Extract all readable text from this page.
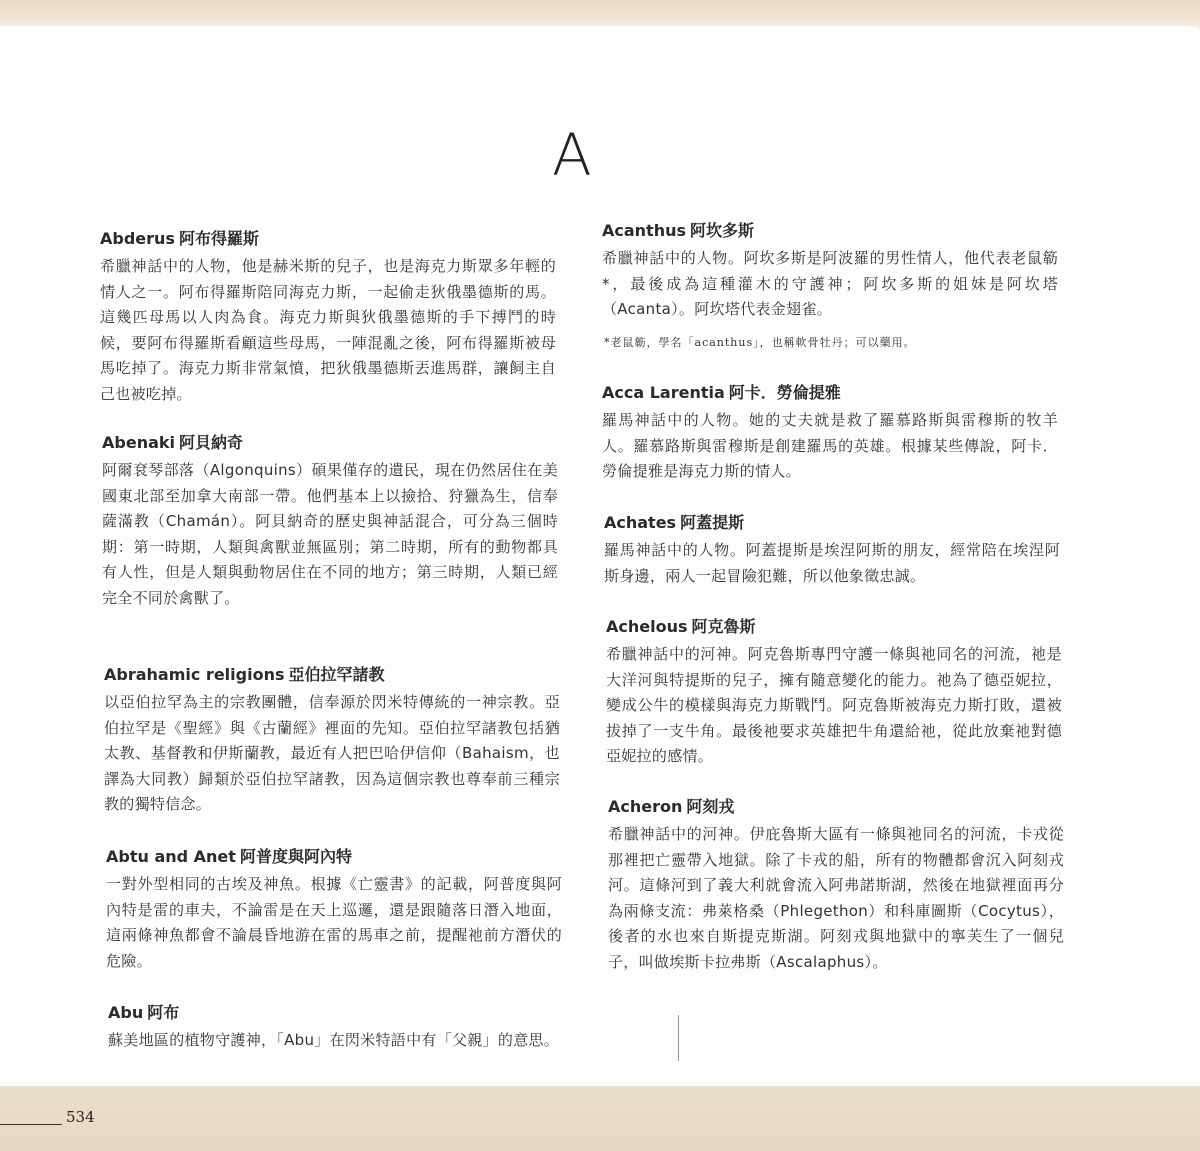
A
Abderus 阿布得羅斯

希臘神話中的人物，他是赫米斯的兒子，也是海克力斯眾多年輕的情人之一。阿布得羅斯陪同海克力斯，一起偷走狄俄墨德斯的馬。這幾匹母馬以人肉為食。海克力斯與狄俄墨德斯的手下搏鬥的時候，要阿布得羅斯看顧這些母馬，一陣混亂之後，阿布得羅斯被母馬吃掉了。海克力斯非常氣憤，把狄俄墨德斯丟進馬群，讓飼主自己也被吃掉。

Abenaki 阿貝納奇

阿爾袞琴部落（Algonquins）碩果僅存的遺民，現在仍然居住在美國東北部至加拿大南部一帶。他們基本上以撿拾、狩獵為生，信奉薩滿教（Chamán）。阿貝納奇的歷史與神話混合，可分為三個時期：第一時期，人類與禽獸並無區別；第二時期，所有的動物都具有人性，但是人類與動物居住在不同的地方；第三時期，人類已經完全不同於禽獸了。

Abrahamic religions 亞伯拉罕諸教

以亞伯拉罕為主的宗教團體，信奉源於閃米特傳統的一神宗教。亞伯拉罕是《聖經》與《古蘭經》裡面的先知。亞伯拉罕諸教包括猶太教、基督教和伊斯蘭教，最近有人把巴哈伊信仰（Bahaism，也譯為大同教）歸類於亞伯拉罕諸教，因為這個宗教也尊奉前三種宗教的獨特信念。

Abtu and Anet 阿普度與阿內特

一對外型相同的古埃及神魚。根據《亡靈書》的記載，阿普度與阿內特是雷的車夫，不論雷是在天上巡邏，還是跟隨落日潛入地面，這兩條神魚都會不論晨昏地游在雷的馬車之前，提醒祂前方潛伏的危險。

Abu 阿布

蘇美地區的植物守護神，「Abu」在閃米特語中有「父親」的意思。

Acanthus 阿坎多斯

希臘神話中的人物。阿坎多斯是阿波羅的男性情人，他代表老鼠簕*，最後成為這種灌木的守護神；阿坎多斯的姐妹是阿坎塔（Acanta）。阿坎塔代表金翅雀。

*老鼠簕，學名「acanthus」，也稱軟骨牡丹；可以藥用。
Acca Larentia 阿卡．勞倫提雅

羅馬神話中的人物。她的丈夫就是救了羅慕路斯與雷穆斯的牧羊人。羅慕路斯與雷穆斯是創建羅馬的英雄。根據某些傳說，阿卡．勞倫提雅是海克力斯的情人。

Achates 阿蓋提斯

羅馬神話中的人物。阿蓋提斯是埃涅阿斯的朋友，經常陪在埃涅阿斯身邊，兩人一起冒險犯難，所以他象徵忠誠。

Achelous 阿克魯斯

希臘神話中的河神。阿克魯斯專門守護一條與祂同名的河流，祂是大洋河與特提斯的兒子，擁有隨意變化的能力。祂為了德亞妮拉，變成公牛的模樣與海克力斯戰鬥。阿克魯斯被海克力斯打敗，還被拔掉了一支牛角。最後祂要求英雄把牛角還給祂，從此放棄祂對德亞妮拉的感情。

Acheron 阿刻戎

希臘神話中的河神。伊庇魯斯大區有一條與祂同名的河流，卡戎從那裡把亡靈帶入地獄。除了卡戎的船，所有的物體都會沉入阿刻戎河。這條河到了義大利就會流入阿弗諾斯湖，然後在地獄裡面再分為兩條支流：弗萊格桑（Phlegethon）和科庫圖斯（Cocytus），後者的水也來自斯提克斯湖。阿刻戎與地獄中的寧芙生了一個兒子，叫做埃斯卡拉弗斯（Ascalaphus）。

534
